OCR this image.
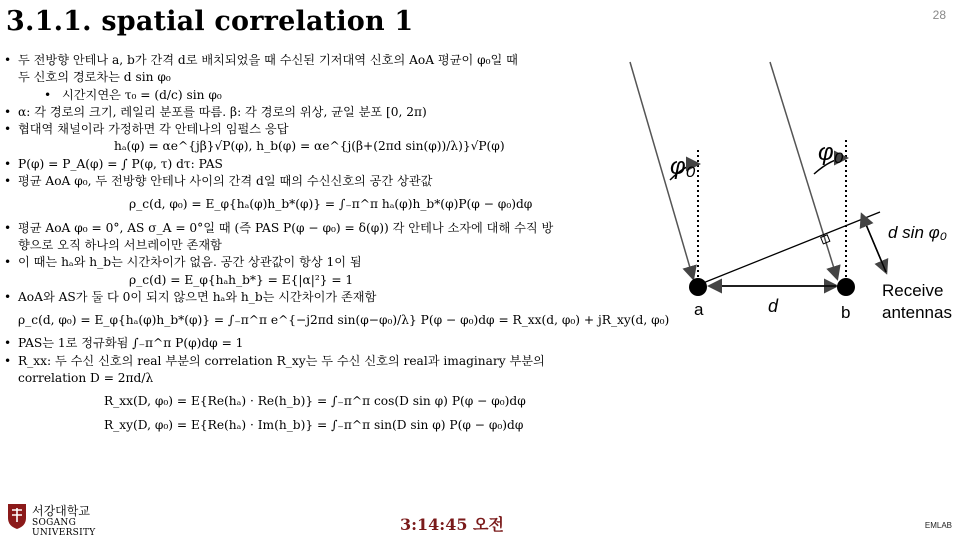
3.1.1. spatial correlation 1	28
• 두 전방향 안테나 a, b가 간격 d로 배치되었을 때 수신된 기저대역 신호의 AoA 평균이 φ₀일 때
두 신호의 경로차는 d sin φ₀
• 시간지연은 τ₀ = (d/c) sin φ₀
• α: 각 경로의 크기, 레일리 분포를 따름. β: 각 경로의 위상, 균일 분포 [0, 2π)
• 협대역 채널이라 가정하면 각 안테나의 임펄스 응답
hₐ(φ) = αe^{jβ}√P(φ), h_b(φ) = αe^{j(β+(2πd sin(φ))/λ)}√P(φ)
• P(φ) = P_A(φ) = ∫ P(φ, τ) dτ: PAS
• 평균 AoA φ₀, 두 전방향 안테나 사이의 간격 d일 때의 수신신호의 공간 상관값
ρ_c(d, φ₀) = E_φ{hₐ(φ)h_b*(φ)} = ∫₋π^π hₐ(φ)h_b*(φ)P(φ − φ₀)dφ
• 평균 AoA φ₀ = 0°, AS σ_A = 0°일 때 (즉 PAS P(φ − φ₀) = δ(φ)) 각 안테나 소자에 대해 수직 방
향으로 오직 하나의 서브레이만 존재함
• 이 때는 hₐ와 h_b는 시간차이가 없음. 공간 상관값이 항상 1이 됨
ρ_c(d) = E_φ{hₐh_b*} = E{|α|²} = 1
• AoA와 AS가 둘 다 0이 되지 않으면 hₐ와 h_b는 시간차이가 존재함
ρ_c(d, φ₀) = E_φ{hₐ(φ)h_b*(φ)} = ∫₋π^π e^{−j2πd sin(φ−φ₀)/λ} P(φ − φ₀)dφ = R_xx(d, φ₀) + jR_xy(d, φ₀)
• PAS는 1로 정규화됨 ∫₋π^π P(φ)dφ = 1
• R_xx: 두 수신 신호의 real 부분의 correlation R_xy는 두 수신 신호의 real과 imaginary 부분의
correlation D = 2πd/λ
R_xx(D, φ₀) = E{Re(hₐ) · Re(h_b)} = ∫₋π^π cos(D sin φ) P(φ − φ₀)dφ
R_xy(D, φ₀) = E{Re(hₐ) · Im(h_b)} = ∫₋π^π sin(D sin φ) P(φ − φ₀)dφ
φ₀
φ₀
d sin φ₀
a	b
d
Receive
antennas
서강대학교
SOGANG UNIVERSITY	3:14:45 오전	EMLAB
